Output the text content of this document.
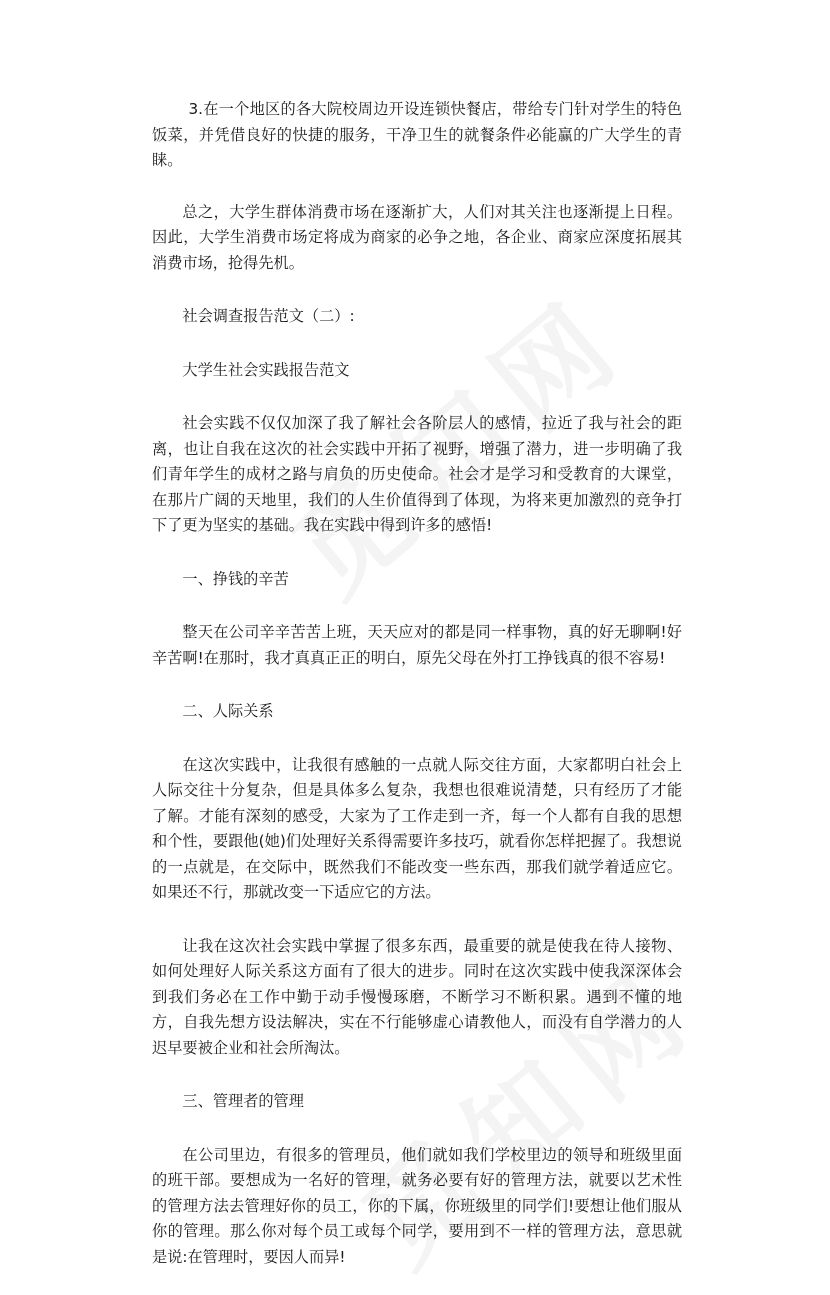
3.在一个地区的各大院校周边开设连锁快餐店，带给专门针对学生的特色饭菜，并凭借良好的快捷的服务，干净卫生的就餐条件必能赢的广大学生的青睐。

总之，大学生群体消费市场在逐渐扩大，人们对其关注也逐渐提上日程。因此，大学生消费市场定将成为商家的必争之地，各企业、商家应深度拓展其消费市场，抢得先机。

社会调查报告范文（二）:
大学生社会实践报告范文

社会实践不仅仅加深了我了解社会各阶层人的感情，拉近了我与社会的距离，也让自我在这次的社会实践中开拓了视野，增强了潜力，进一步明确了我们青年学生的成材之路与肩负的历史使命。社会才是学习和受教育的大课堂，在那片广阔的天地里，我们的人生价值得到了体现，为将来更加激烈的竞争打下了更为坚实的基础。我在实践中得到许多的感悟!

一、挣钱的辛苦

整天在公司辛辛苦苦上班，天天应对的都是同一样事物，真的好无聊啊!好辛苦啊!在那时，我才真真正正的明白，原先父母在外打工挣钱真的很不容易!

二、人际关系

在这次实践中，让我很有感触的一点就人际交往方面，大家都明白社会上人际交往十分复杂，但是具体多么复杂，我想也很难说清楚，只有经历了才能了解。才能有深刻的感受，大家为了工作走到一齐，每一个人都有自我的思想和个性，要跟他(她)们处理好关系得需要许多技巧，就看你怎样把握了。我想说的一点就是，在交际中，既然我们不能改变一些东西，那我们就学着适应它。如果还不行，那就改变一下适应它的方法。

让我在这次社会实践中掌握了很多东西，最重要的就是使我在待人接物、如何处理好人际关系这方面有了很大的进步。同时在这次实践中使我深深体会到我们务必在工作中勤于动手慢慢琢磨，不断学习不断积累。遇到不懂的地方，自我先想方设法解决，实在不行能够虚心请教他人，而没有自学潜力的人迟早要被企业和社会所淘汰。

三、管理者的管理

在公司里边，有很多的管理员，他们就如我们学校里边的领导和班级里面的班干部。要想成为一名好的管理，就务必要有好的管理方法，就要以艺术性的管理方法去管理好你的员工，你的下属，你班级里的同学们!要想让他们服从你的管理。那么你对每个员工或每个同学，要用到不一样的管理方法，意思就是说:在管理时，要因人而异!
